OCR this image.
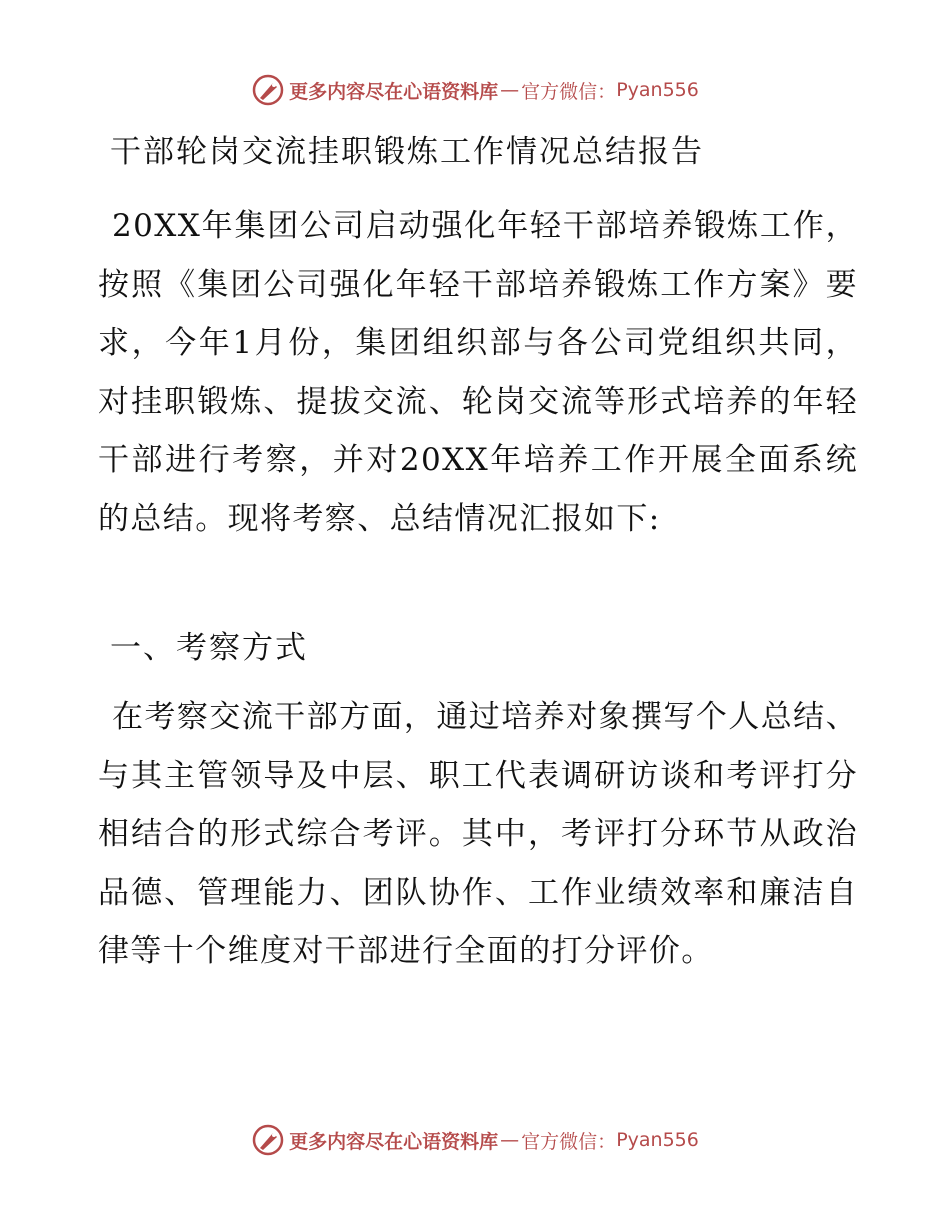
更多内容尽在心语资料库 — 官方微信： Pyan556
干部轮岗交流挂职锻炼工作情况总结报告

20XX年集团公司启动强化年轻干部培养锻炼工作，按照《集团公司强化年轻干部培养锻炼工作方案》要求，今年1月份，集团组织部与各公司党组织共同，对挂职锻炼、提拔交流、轮岗交流等形式培养的年轻干部进行考察，并对20XX年培养工作开展全面系统的总结。现将考察、总结情况汇报如下:

一、考察方式

在考察交流干部方面，通过培养对象撰写个人总结、与其主管领导及中层、职工代表调研访谈和考评打分相结合的形式综合考评。其中，考评打分环节从政治品德、管理能力、团队协作、工作业绩效率和廉洁自律等十个维度对干部进行全面的打分评价。

更多内容尽在心语资料库 — 官方微信： Pyan556
